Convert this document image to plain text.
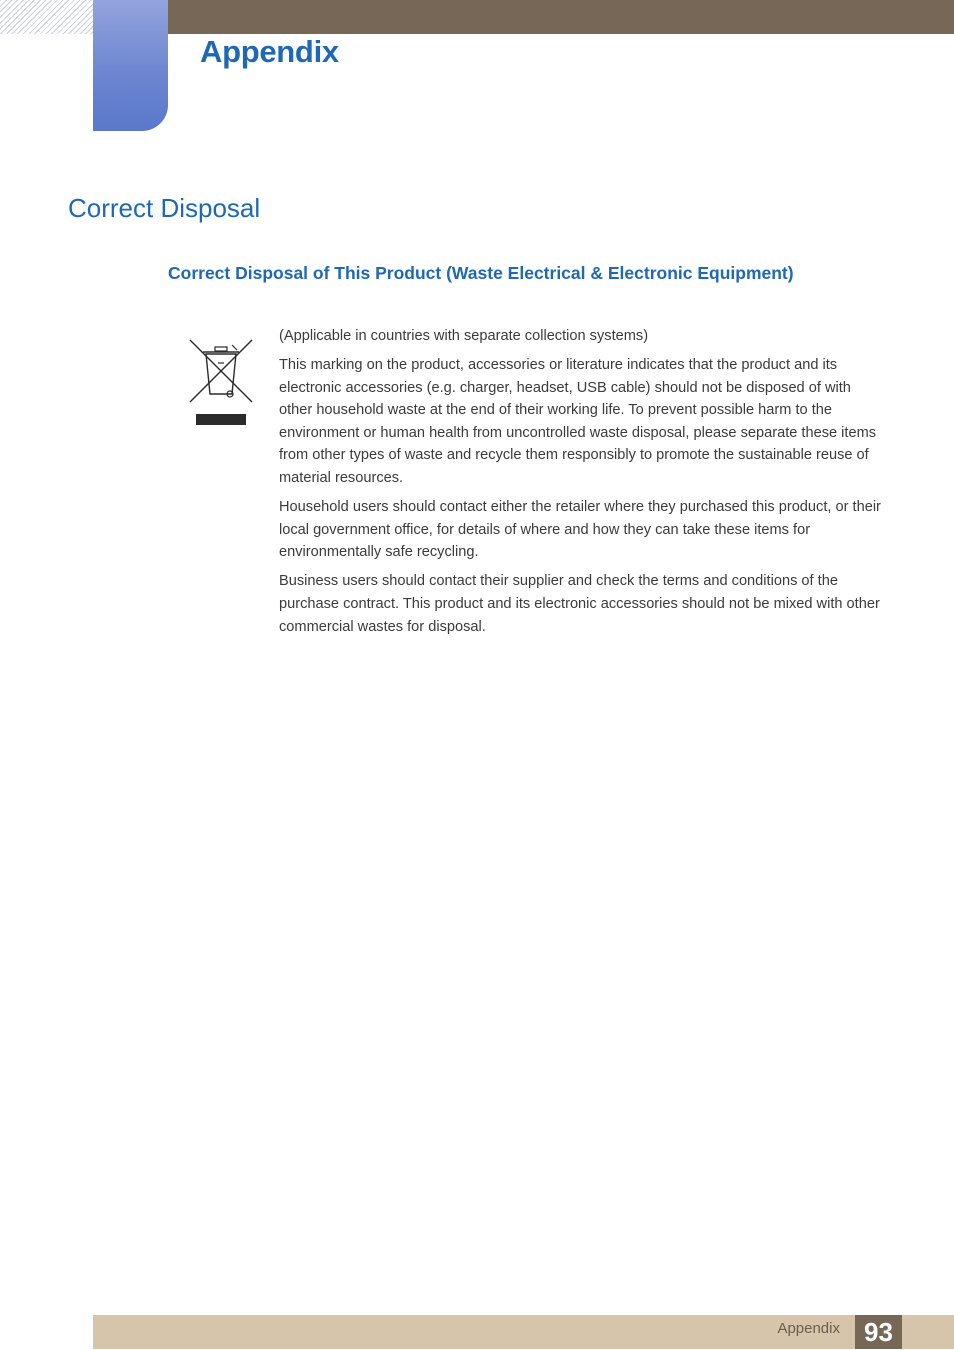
Appendix
Correct Disposal
Correct Disposal of This Product (Waste Electrical & Electronic Equipment)

(Applicable in countries with separate collection systems)

This marking on the product, accessories or literature indicates that the product and its electronic accessories (e.g. charger, headset, USB cable) should not be disposed of with other household waste at the end of their working life. To prevent possible harm to the environment or human health from uncontrolled waste disposal, please separate these items from other types of waste and recycle them responsibly to promote the sustainable reuse of material resources.

Household users should contact either the retailer where they purchased this product, or their local government office, for details of where and how they can take these items for environmentally safe recycling.

Business users should contact their supplier and check the terms and conditions of the purchase contract. This product and its electronic accessories should not be mixed with other commercial wastes for disposal.

Appendix 93
